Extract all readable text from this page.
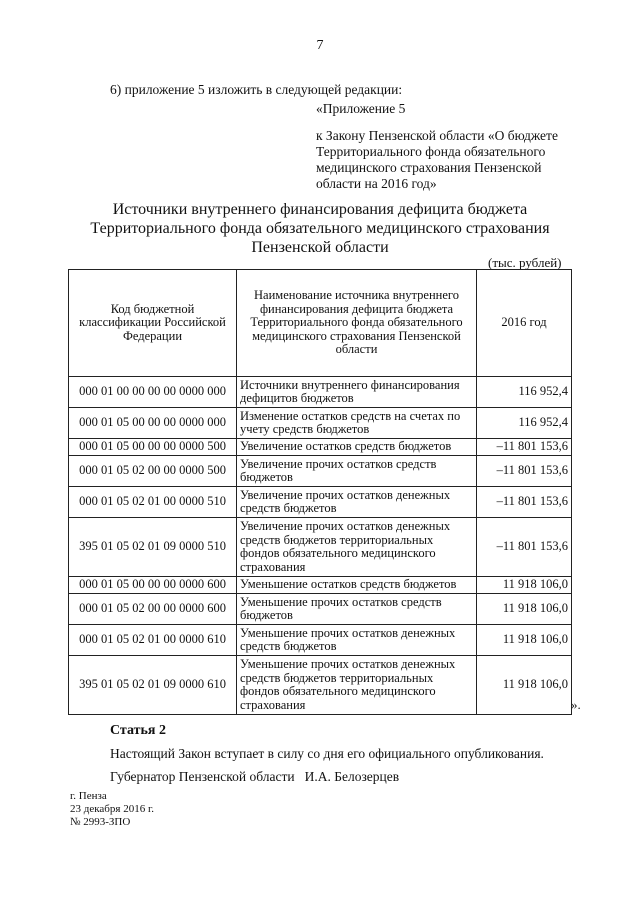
7
6) приложение 5 изложить в следующей редакции:
«Приложение 5
к Закону Пензенской области «О бюджете Территориального фонда обязательного медицинского страхования Пензенской области на 2016 год»
Источники внутреннего финансирования дефицита бюджета
Территориального фонда обязательного медицинского страхования
Пензенской области
(тыс. рублей)
Код бюджетной классификации Российской Федерации	Наименование источника внутреннего финансирования дефицита бюджета Территориального фонда обязательного медицинского страхования Пензенской области	2016 год
000 01 00 00 00 00 0000 000	Источники внутреннего финансирования дефицитов бюджетов	116 952,4
000 01 05 00 00 00 0000 000	Изменение остатков средств на счетах по учету средств бюджетов	116 952,4
000 01 05 00 00 00 0000 500	Увеличение остатков средств бюджетов	–11 801 153,6
000 01 05 02 00 00 0000 500	Увеличение прочих остатков средств бюджетов	–11 801 153,6
000 01 05 02 01 00 0000 510	Увеличение прочих остатков денежных средств бюджетов	–11 801 153,6
395 01 05 02 01 09 0000 510	Увеличение прочих остатков денежных средств бюджетов территориальных фондов обязательного медицинского страхования	–11 801 153,6
000 01 05 00 00 00 0000 600	Уменьшение остатков средств бюджетов	11 918 106,0
000 01 05 02 00 00 0000 600	Уменьшение прочих остатков средств бюджетов	11 918 106,0
000 01 05 02 01 00 0000 610	Уменьшение прочих остатков денежных средств бюджетов	11 918 106,0
395 01 05 02 01 09 0000 610	Уменьшение прочих остатков денежных средств бюджетов территориальных фондов обязательного медицинского страхования	11 918 106,0
».
Статья 2
Настоящий Закон вступает в силу со дня его официального опубликования.
Губернатор Пензенской области И.А. Белозерцев
г. Пенза
23 декабря 2016 г.
№ 2993-ЗПО
